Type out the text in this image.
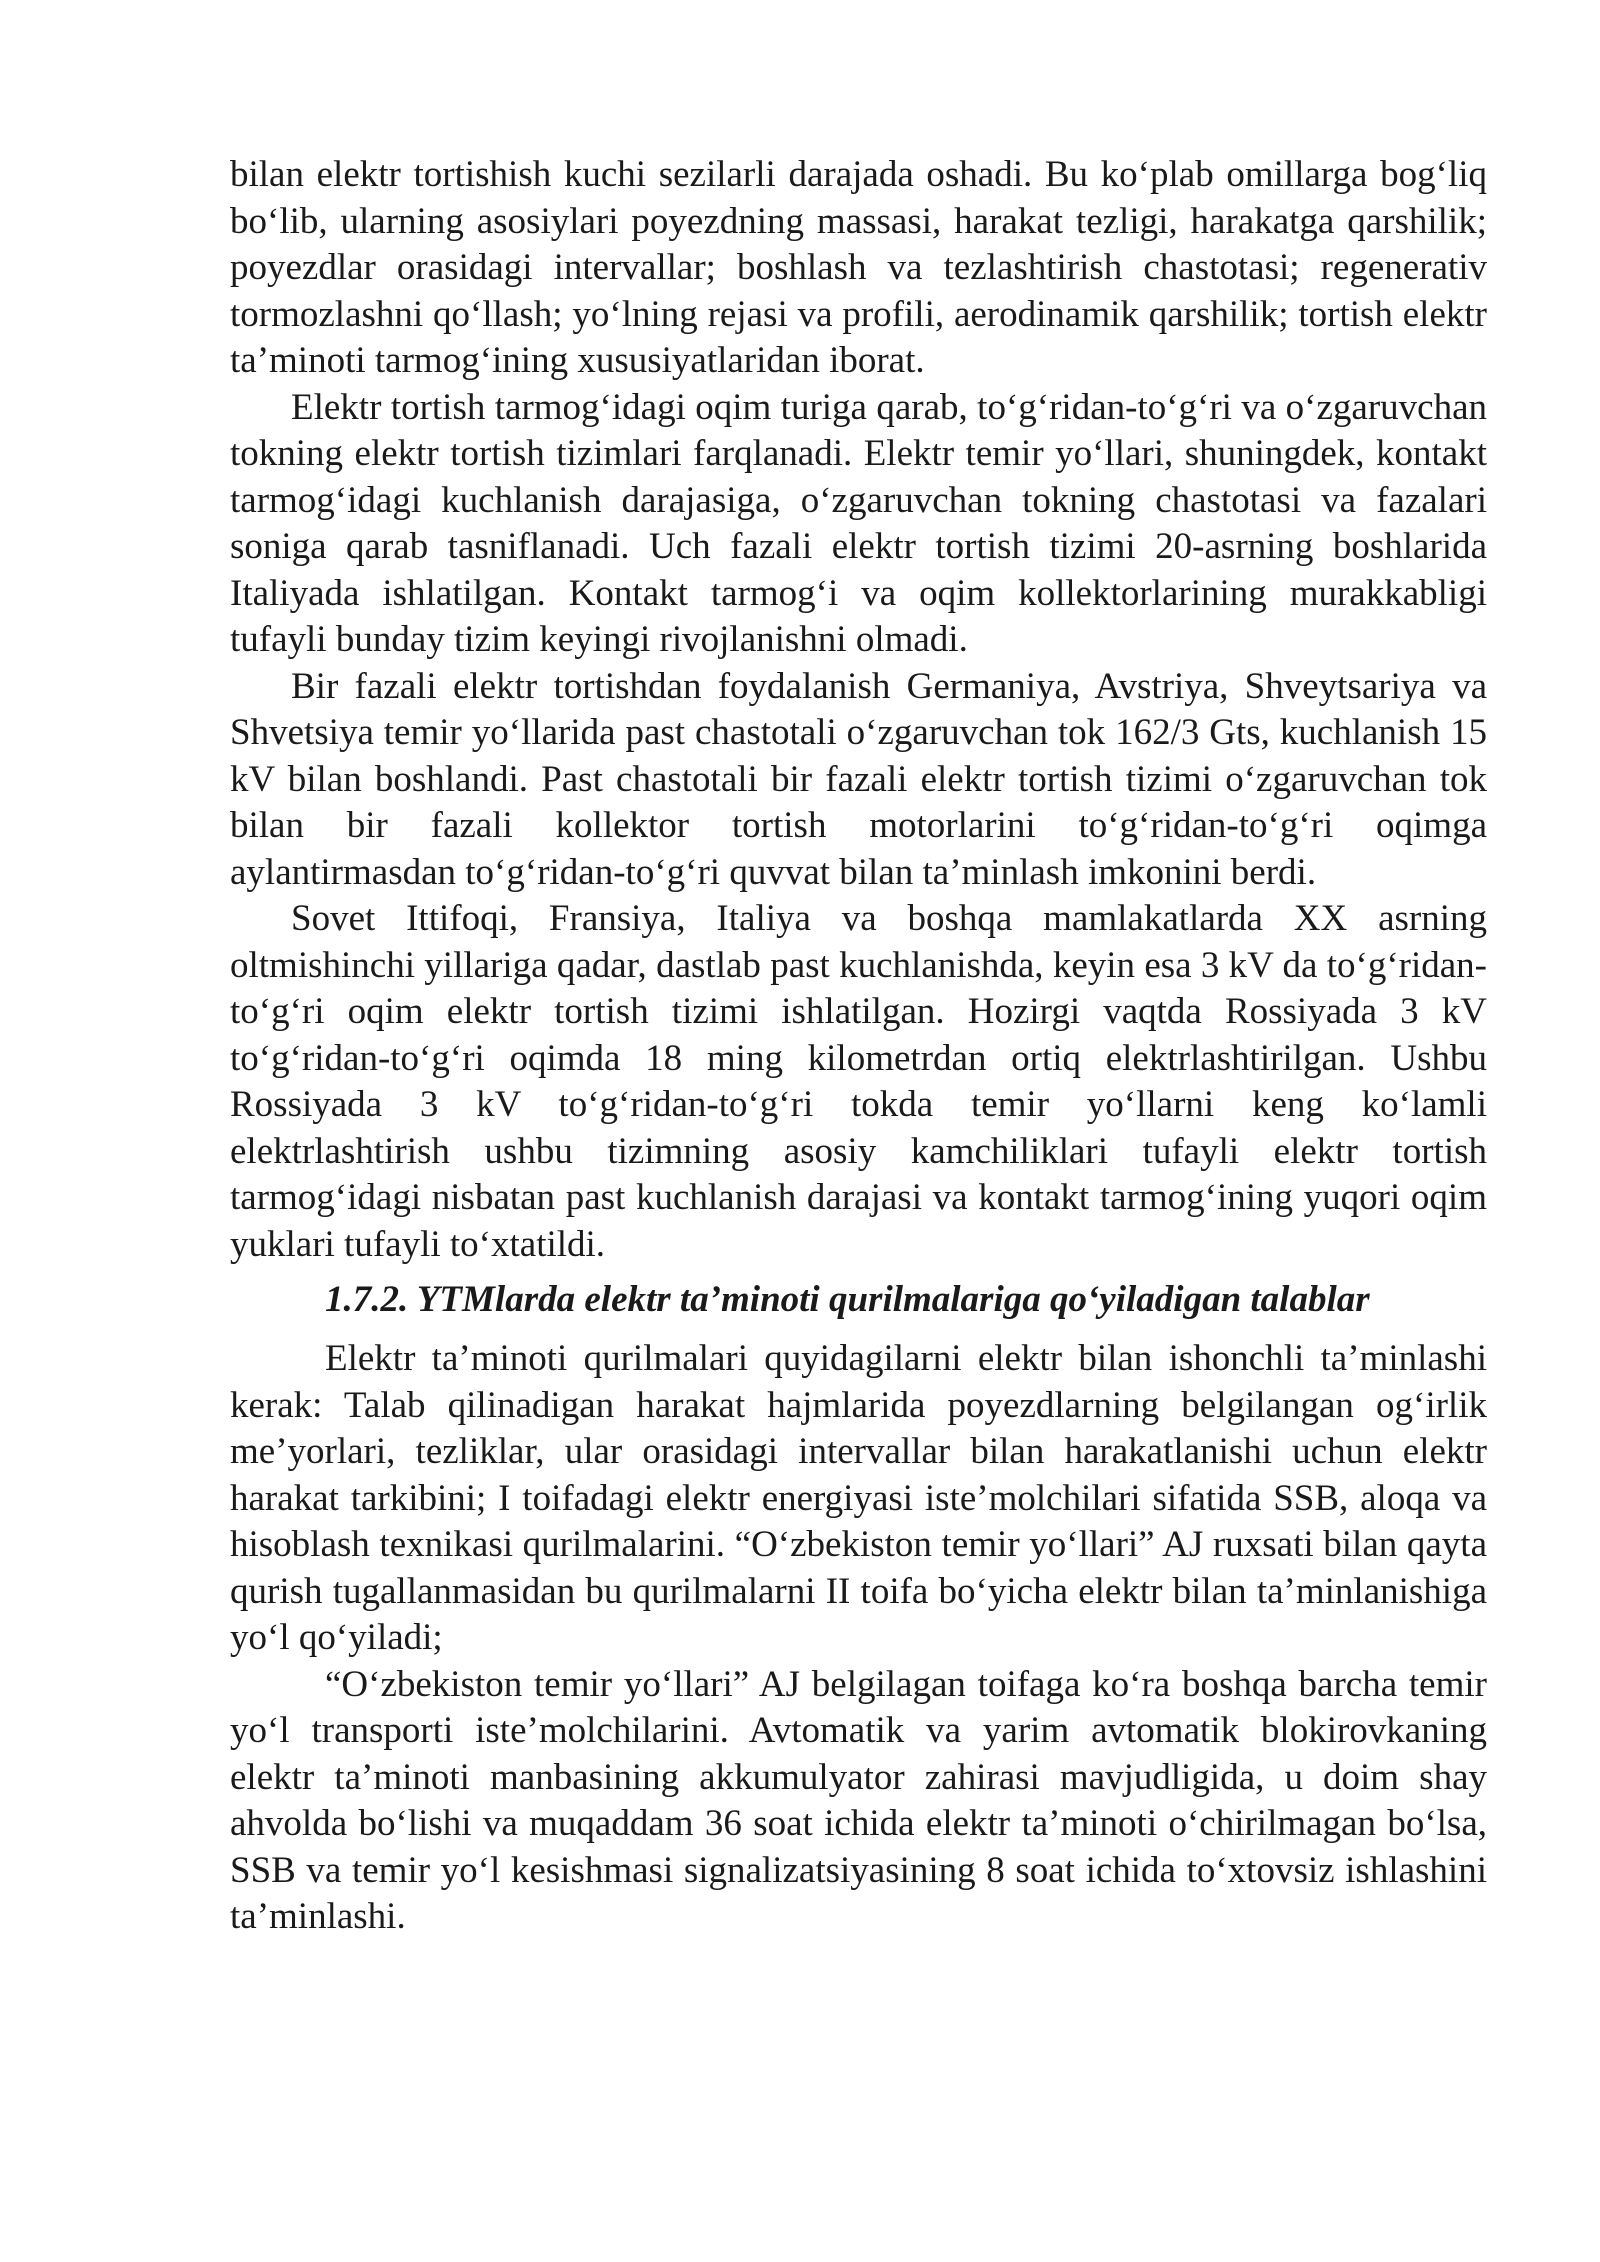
bilan elektr tortishish kuchi sezilarli darajada oshadi. Bu ko‘plab omillarga bog‘liq bo‘lib, ularning asosiylari poyezdning massasi, harakat tezligi, harakatga qarshilik; poyezdlar orasidagi intervallar; boshlash va tezlashtirish chastotasi; regenerativ tormozlashni qo‘llash; yo‘lning rejasi va profili, aerodinamik qarshilik; tortish elektr ta’minoti tarmog‘ining xususiyatlaridan iborat.

Elektr tortish tarmog‘idagi oqim turiga qarab, to‘g‘ridan-to‘g‘ri va o‘zgaruvchan tokning elektr tortish tizimlari farqlanadi. Elektr temir yo‘llari, shuningdek, kontakt tarmog‘idagi kuchlanish darajasiga, o‘zgaruvchan tokning chastotasi va fazalari soniga qarab tasniflanadi. Uch fazali elektr tortish tizimi 20-asrning boshlarida Italiyada ishlatilgan. Kontakt tarmog‘i va oqim kollektorlarining murakkabligi tufayli bunday tizim keyingi rivojlanishni olmadi.

Bir fazali elektr tortishdan foydalanish Germaniya, Avstriya, Shveytsariya va Shvetsiya temir yo‘llarida past chastotali o‘zgaruvchan tok 162/3 Gts, kuchlanish 15 kV bilan boshlandi. Past chastotali bir fazali elektr tortish tizimi o‘zgaruvchan tok bilan bir fazali kollektor tortish motorlarini to‘g‘ridan-to‘g‘ri oqimga aylantirmasdan to‘g‘ridan-to‘g‘ri quvvat bilan ta’minlash imkonini berdi.

Sovet Ittifoqi, Fransiya, Italiya va boshqa mamlakatlarda XX asrning oltmishinchi yillariga qadar, dastlab past kuchlanishda, keyin esa 3 kV da to‘g‘ridan-to‘g‘ri oqim elektr tortish tizimi ishlatilgan. Hozirgi vaqtda Rossiyada 3 kV to‘g‘ridan-to‘g‘ri oqimda 18 ming kilometrdan ortiq elektrlashtirilgan. Ushbu Rossiyada 3 kV to‘g‘ridan-to‘g‘ri tokda temir yo‘llarni keng ko‘lamli elektrlashtirish ushbu tizimning asosiy kamchiliklari tufayli elektr tortish tarmog‘idagi nisbatan past kuchlanish darajasi va kontakt tarmog‘ining yuqori oqim yuklari tufayli to‘xtatildi.

1.7.2. YTMlarda elektr ta’minoti qurilmalariga qo‘yiladigan talablar

Elektr ta’minoti qurilmalari quyidagilarni elektr bilan ishonchli ta’minlashi kerak: Talab qilinadigan harakat hajmlarida poyezdlarning belgilangan og‘irlik me’yorlari, tezliklar, ular orasidagi intervallar bilan harakatlanishi uchun elektr harakat tarkibini; I toifadagi elektr energiyasi iste’molchilari sifatida SSB, aloqa va hisoblash texnikasi qurilmalarini. “O‘zbekiston temir yo‘llari” AJ ruxsati bilan qayta qurish tugallanmasidan bu qurilmalarni II toifa bo‘yicha elektr bilan ta’minlanishiga yo‘l qo‘yiladi;

“O‘zbekiston temir yo‘llari” AJ belgilagan toifaga ko‘ra boshqa barcha temir yo‘l transporti iste’molchilarini. Avtomatik va yarim avtomatik blokirovkaning elektr ta’minoti manbasining akkumulyator zahirasi mavjudligida, u doim shay ahvolda bo‘lishi va muqaddam 36 soat ichida elektr ta’minoti o‘chirilmagan bo‘lsa, SSB va temir yo‘l kesishmasi signalizatsiyasining 8 soat ichida to‘xtovsiz ishlashini ta’minlashi.
